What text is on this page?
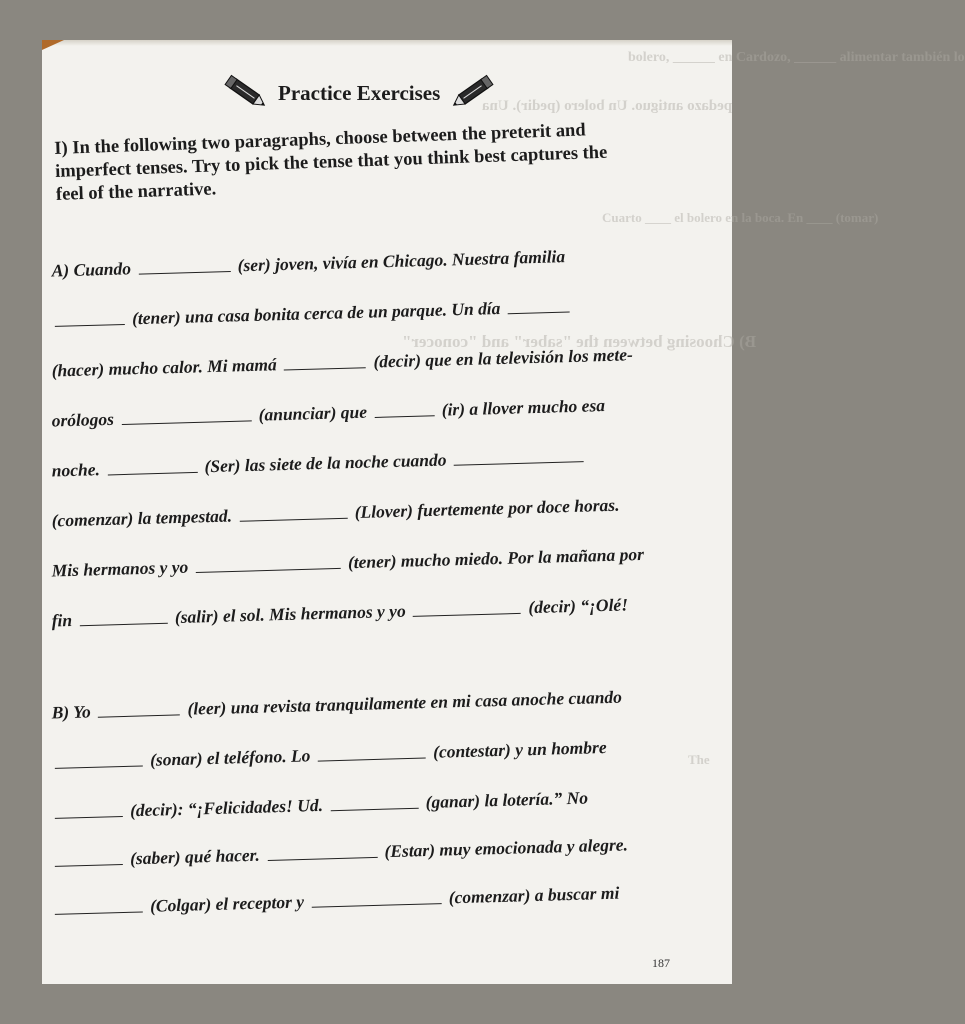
bolero, ______ en Cardozo, ______ alimentar también lo
pedazo antiguo. Un bolero (pedir). Una
Cuarto ____ el bolero en la boca. En ____ (tomar)
B) Choosing between the "saber" and "conocer"
The
Practice Exercises
I) In the following two paragraphs, choose between the preterit and imperfect tenses. Try to pick the tense that you think best captures the feel of the narrative.
A) Cuando	(ser) joven, vivía en Chicago. Nuestra familia
(tener) una casa bonita cerca de un parque. Un día
(hacer) mucho calor. Mi mamá	(decir) que en la televisión los mete-
orólogos	(anunciar) que	(ir) a llover mucho esa
noche.	(Ser) las siete de la noche cuando
(comenzar) la tempestad.	(Llover) fuertemente por doce horas.
Mis hermanos y yo	(tener) mucho miedo. Por la mañana por
fin	(salir) el sol. Mis hermanos y yo	(decir) “¡Olé!
B) Yo	(leer) una revista tranquilamente en mi casa anoche cuando
(sonar) el teléfono. Lo	(contestar) y un hombre
(decir): “¡Felicidades! Ud.	(ganar) la lotería.” No
(saber) qué hacer.	(Estar) muy emocionada y alegre.
(Colgar) el receptor y	(comenzar) a buscar mi
187
